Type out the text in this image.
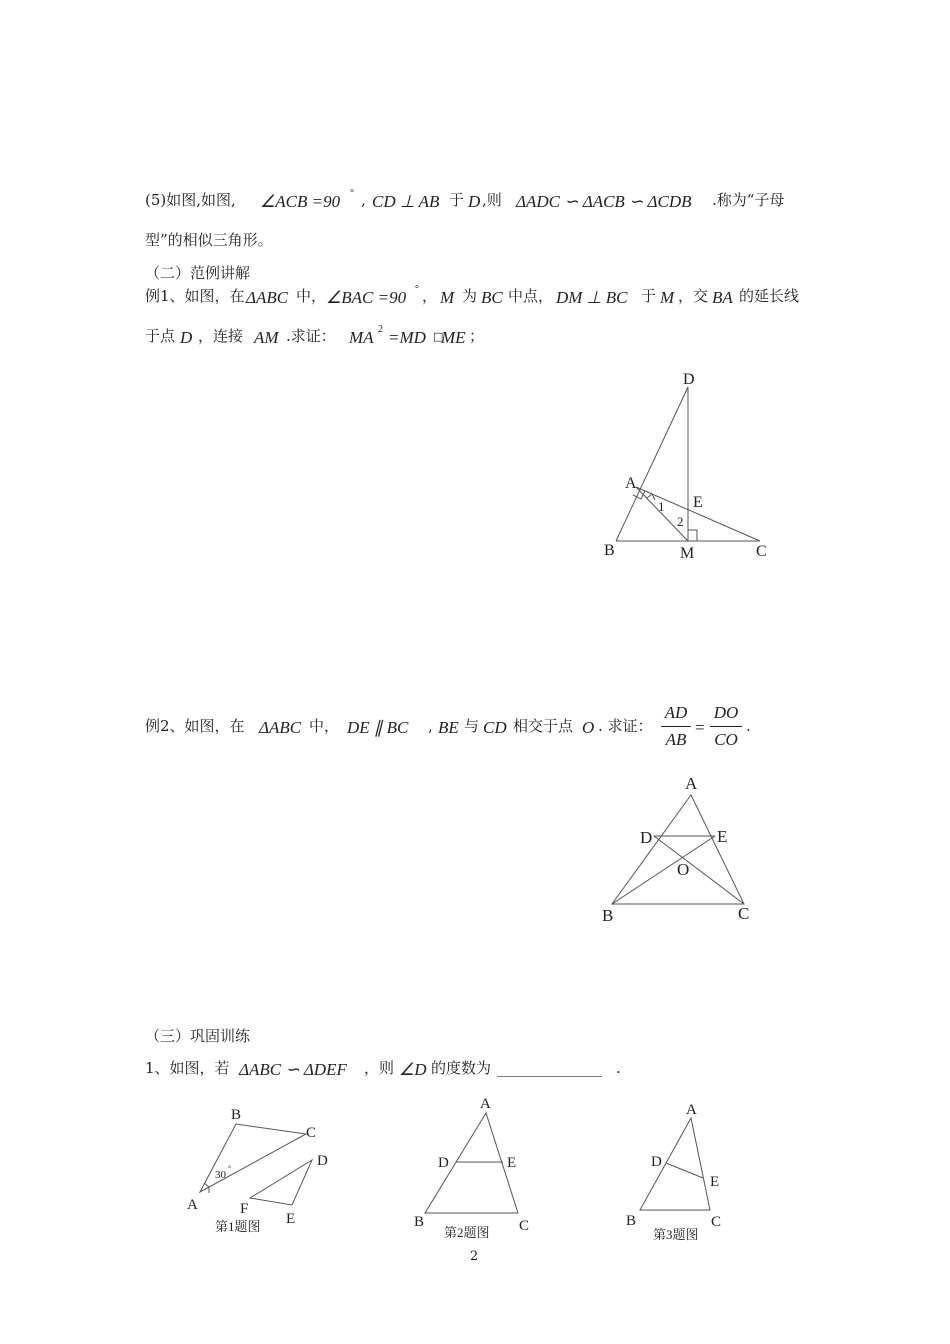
(5)如图,如图, ∠ACB =90 ° , CD ⊥ AB 于 D ,则 ΔADC ∽ ΔACB ∽ ΔCDB .称为“子母
型”的相似三角形。
（二）范例讲解
例1、如图，在 ΔABC 中， ∠BAC =90 ° ， M 为 BC 中点， DM ⊥ BC 于 M ，交 BA 的延长线
于点 D ，连接 AM .求证： MA 2 =MD □
ME ；
D
A
E
B	M	C
1
2
例2、如图，在 ΔABC 中， DE ∥ BC , BE 与 CD 相交于点 O . 求证：
AD
AB
=
DO
CO
.
A
D	E
O
B	C
（三）巩固训练
1、如图，若 ΔABC ∽ ΔDEF ，则 ∠D 的度数为 ______________ .
B
C
D
A	F
E
30
°
第1题图
A
D	E
B	C
第2题图
A
D
E
B	C
第3题图
2
